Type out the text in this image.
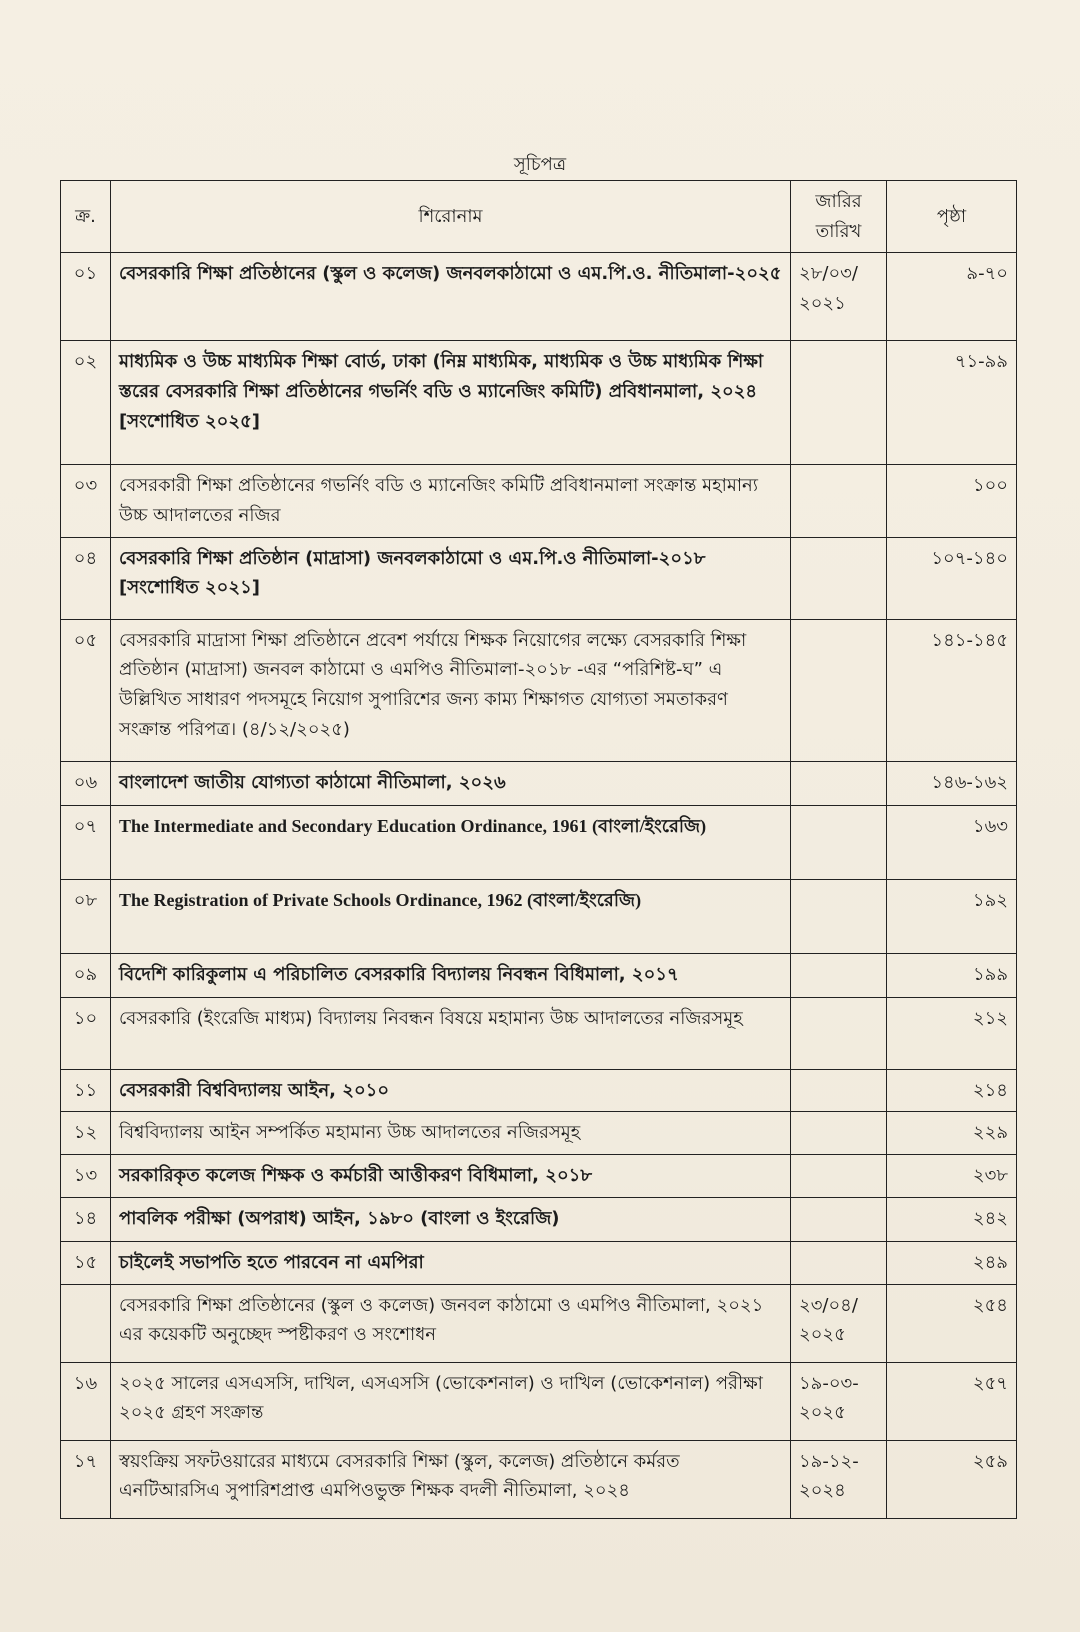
সূচিপত্র
ক্র.	শিরোনাম	জারির তারিখ	পৃষ্ঠা
০১	বেসরকারি শিক্ষা প্রতিষ্ঠানের (স্কুল ও কলেজ) জনবলকাঠামো ও এম.পি.ও. নীতিমালা-২০২৫	২৮/০৩/ ২০২১	৯-৭০
০২	মাধ্যমিক ও উচ্চ মাধ্যমিক শিক্ষা বোর্ড, ঢাকা (নিম্ন মাধ্যমিক, মাধ্যমিক ও উচ্চ মাধ্যমিক শিক্ষা স্তরের বেসরকারি শিক্ষা প্রতিষ্ঠানের গভর্নিং বডি ও ম্যানেজিং কমিটি) প্রবিধানমালা, ২০২৪ [সংশোধিত ২০২৫]		৭১-৯৯
০৩	বেসরকারী শিক্ষা প্রতিষ্ঠানের গভর্নিং বডি ও ম্যানেজিং কমিটি প্রবিধানমালা সংক্রান্ত মহামান্য উচ্চ আদালতের নজির		১০০
০৪	বেসরকারি শিক্ষা প্রতিষ্ঠান (মাদ্রাসা) জনবলকাঠামো ও এম.পি.ও নীতিমালা-২০১৮ [সংশোধিত ২০২১]		১০৭-১৪০
০৫	বেসরকারি মাদ্রাসা শিক্ষা প্রতিষ্ঠানে প্রবেশ পর্যায়ে শিক্ষক নিয়োগের লক্ষ্যে বেসরকারি শিক্ষা প্রতিষ্ঠান (মাদ্রাসা) জনবল কাঠামো ও এমপিও নীতিমালা-২০১৮ -এর “পরিশিষ্ট-ঘ” এ উল্লিখিত সাধারণ পদসমূহে নিয়োগ সুপারিশের জন্য কাম্য শিক্ষাগত যোগ্যতা সমতাকরণ সংক্রান্ত পরিপত্র। (৪/১২/২০২৫)		১৪১-১৪৫
০৬	বাংলাদেশ জাতীয় যোগ্যতা কাঠামো নীতিমালা, ২০২৬		১৪৬-১৬২
০৭	The Intermediate and Secondary Education Ordinance, 1961 (বাংলা/ইংরেজি)		১৬৩
০৮	The Registration of Private Schools Ordinance, 1962 (বাংলা/ইংরেজি)		১৯২
০৯	বিদেশি কারিকুলাম এ পরিচালিত বেসরকারি বিদ্যালয় নিবন্ধন বিধিমালা, ২০১৭		১৯৯
১০	বেসরকারি (ইংরেজি মাধ্যম) বিদ্যালয় নিবন্ধন বিষয়ে মহামান্য উচ্চ আদালতের নজিরসমূহ		২১২
১১	বেসরকারী বিশ্ববিদ্যালয় আইন, ২০১০		২১৪
১২	বিশ্ববিদ্যালয় আইন সম্পর্কিত মহামান্য উচ্চ আদালতের নজিরসমূহ		২২৯
১৩	সরকারিকৃত কলেজ শিক্ষক ও কর্মচারী আত্তীকরণ বিধিমালা, ২০১৮		২৩৮
১৪	পাবলিক পরীক্ষা (অপরাধ) আইন, ১৯৮০ (বাংলা ও ইংরেজি)		২৪২
১৫	চাইলেই সভাপতি হতে পারবেন না এমপিরা		২৪৯
	বেসরকারি শিক্ষা প্রতিষ্ঠানের (স্কুল ও কলেজ) জনবল কাঠামো ও এমপিও নীতিমালা, ২০২১ এর কয়েকটি অনুচ্ছেদ স্পষ্টীকরণ ও সংশোধন	২৩/০৪/ ২০২৫	২৫৪
১৬	২০২৫ সালের এসএসসি, দাখিল, এসএসসি (ভোকেশনাল) ও দাখিল (ভোকেশনাল) পরীক্ষা ২০২৫ গ্রহণ সংক্রান্ত	১৯-০৩- ২০২৫	২৫৭
১৭	স্বয়ংক্রিয় সফটওয়ারের মাধ্যমে বেসরকারি শিক্ষা (স্কুল, কলেজ) প্রতিষ্ঠানে কর্মরত এনটিআরসিএ সুপারিশপ্রাপ্ত এমপিওভুক্ত শিক্ষক বদলী নীতিমালা, ২০২৪	১৯-১২- ২০২৪	২৫৯
